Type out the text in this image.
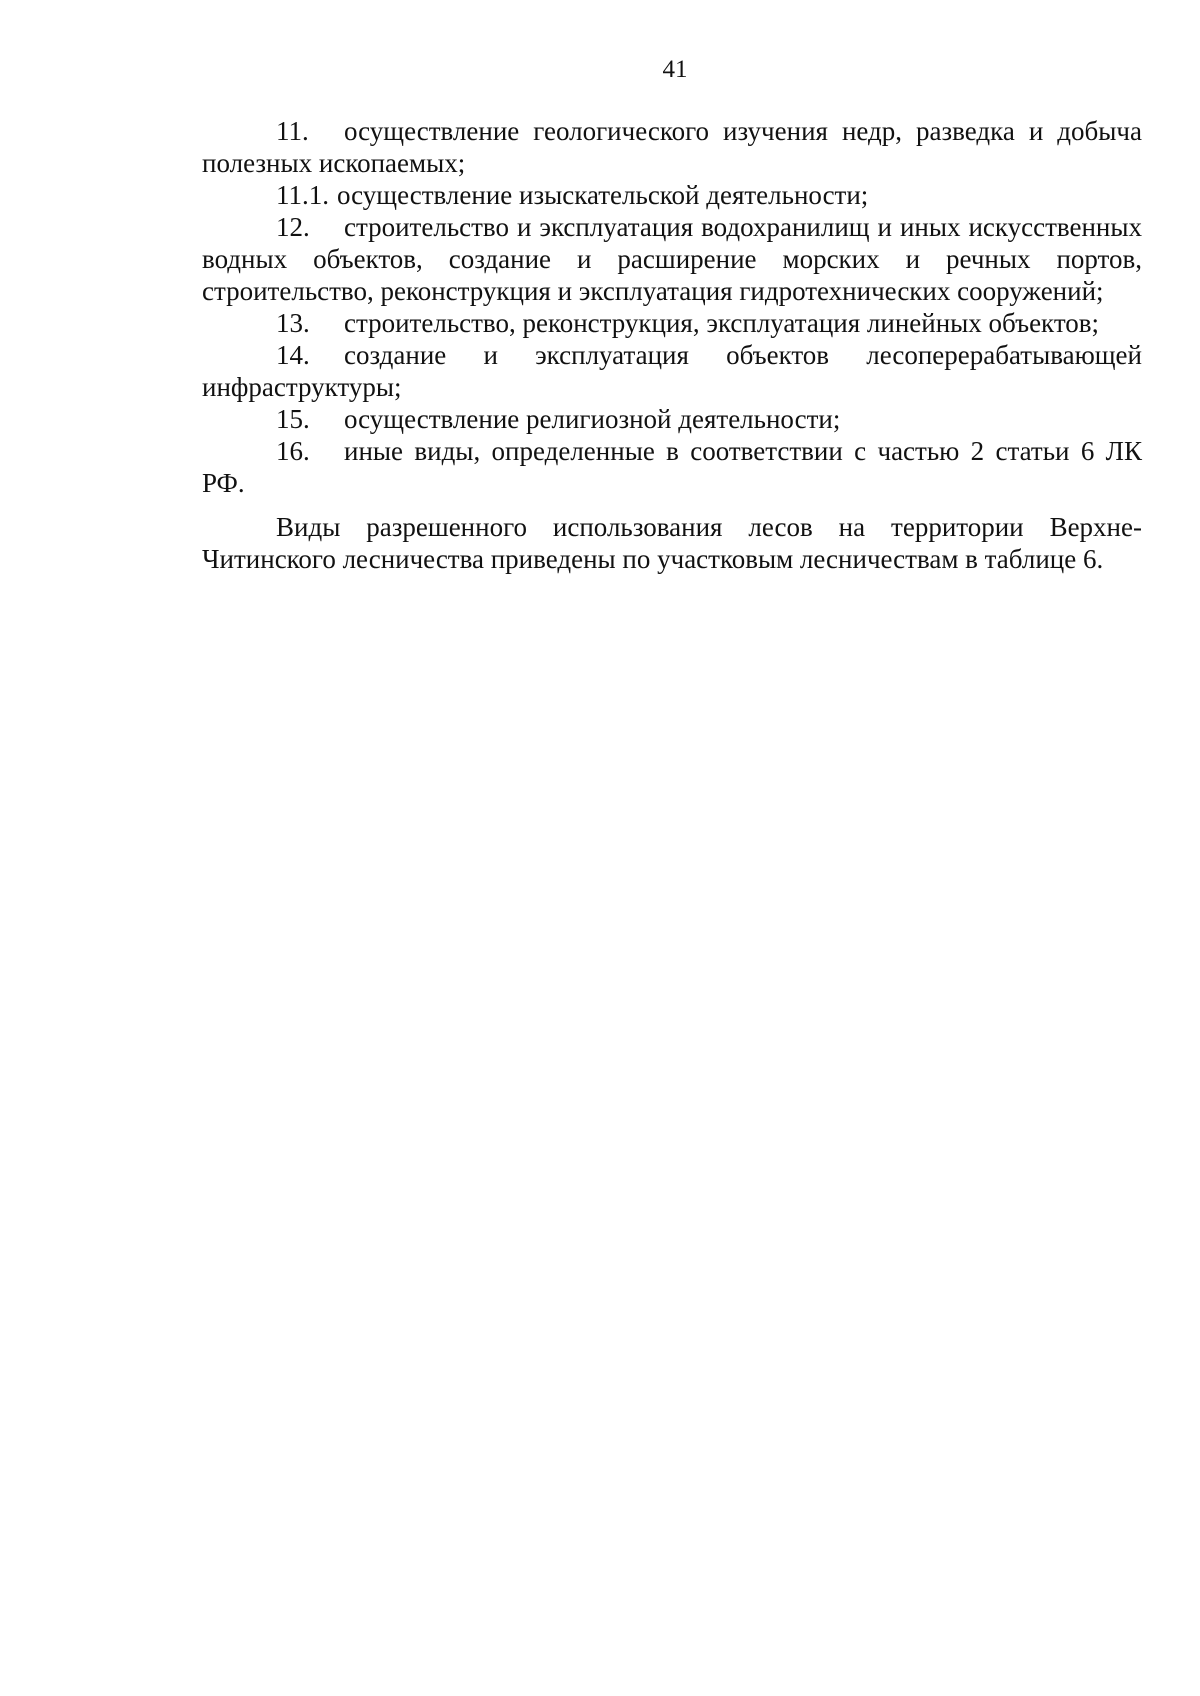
41

11. осуществление геологического изучения недр, разведка и добыча полезных ископаемых;

11.1. осуществление изыскательской деятельности;

12. строительство и эксплуатация водохранилищ и иных искусственных водных объектов, создание и расширение морских и речных портов, строительство, реконструкция и эксплуатация гидротехнических сооружений;

13. строительство, реконструкция, эксплуатация линейных объектов;

14. создание и эксплуатация объектов лесоперерабатывающей инфраструктуры;

15. осуществление религиозной деятельности;

16. иные виды, определенные в соответствии с частью 2 статьи 6 ЛК РФ.

Виды разрешенного использования лесов на территории Верхне-Читинского лесничества приведены по участковым лесничествам в таблице 6.
